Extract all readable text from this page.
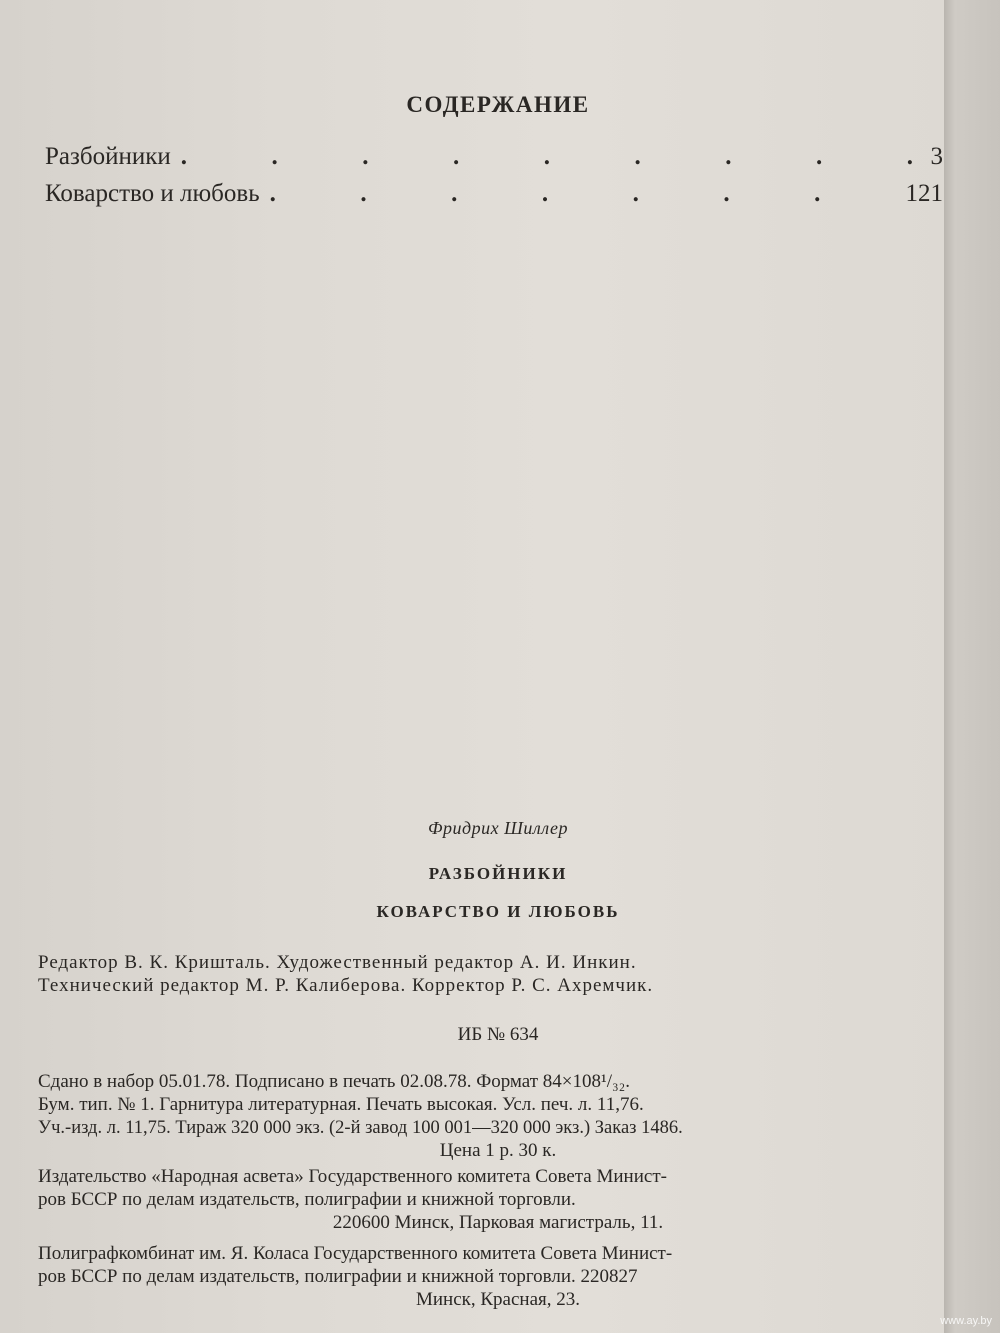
СОДЕРЖАНИЕ
Разбойники .	3
Коварство и любовь .	121
Фридрих Шиллер
РАЗБОЙНИКИ
КОВАРСТВО И ЛЮБОВЬ
Редактор В. К. Кришталь. Художественный редактор А. И. Инкин.
Технический редактор М. Р. Калиберова. Корректор Р. С. Ахремчик.
ИБ № 634
Сдано в набор 05.01.78. Подписано в печать 02.08.78. Формат 84×108¹/₃₂.
Бум. тип. № 1. Гарнитура литературная. Печать высокая. Усл. печ. л. 11,76.
Уч.-изд. л. 11,75. Тираж 320 000 экз. (2-й завод 100 001—320 000 экз.) Заказ 1486.
Цена 1 р. 30 к.
Издательство «Народная асвета» Государственного комитета Совета Минист-
ров БССР по делам издательств, полиграфии и книжной торговли.
220600 Минск, Парковая магистраль, 11.
Полиграфкомбинат им. Я. Коласа Государственного комитета Совета Минист-
ров БССР по делам издательств, полиграфии и книжной торговли. 220827
Минск, Красная, 23.
www.ay.by
